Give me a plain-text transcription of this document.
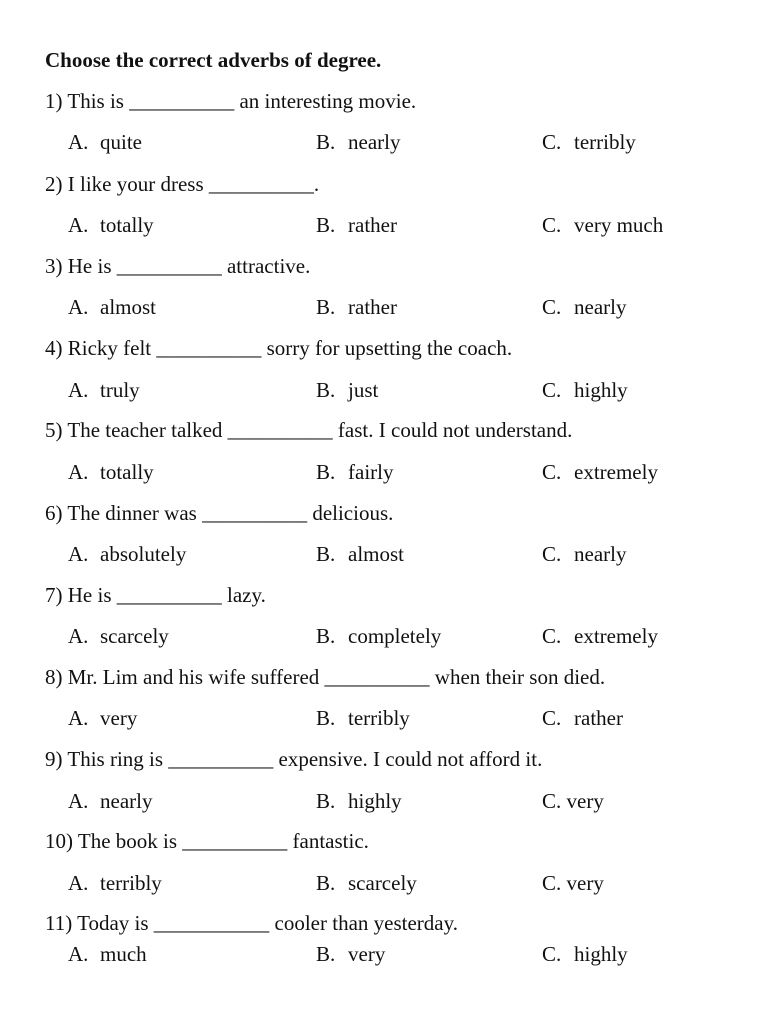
Choose the correct adverbs of degree.
1) This is __________ an interesting movie.
A. quite	B. nearly	C. terribly
2) I like your dress __________.
A. totally	B. rather	C. very much
3) He is __________ attractive.
A. almost	B. rather	C. nearly
4) Ricky felt __________ sorry for upsetting the coach.
A. truly	B. just	C. highly
5) The teacher talked __________ fast. I could not understand.
A. totally	B. fairly	C. extremely
6) The dinner was __________ delicious.
A. absolutely	B. almost	C. nearly
7) He is __________ lazy.
A. scarcely	B. completely	C. extremely
8) Mr. Lim and his wife suffered __________ when their son died.
A. very	B. terribly	C. rather
9) This ring is __________ expensive. I could not afford it.
A. nearly	B. highly	C. very
10) The book is __________ fantastic.
A. terribly	B. scarcely	C. very
11) Today is ___________ cooler than yesterday.
A. much	B. very	C. highly
